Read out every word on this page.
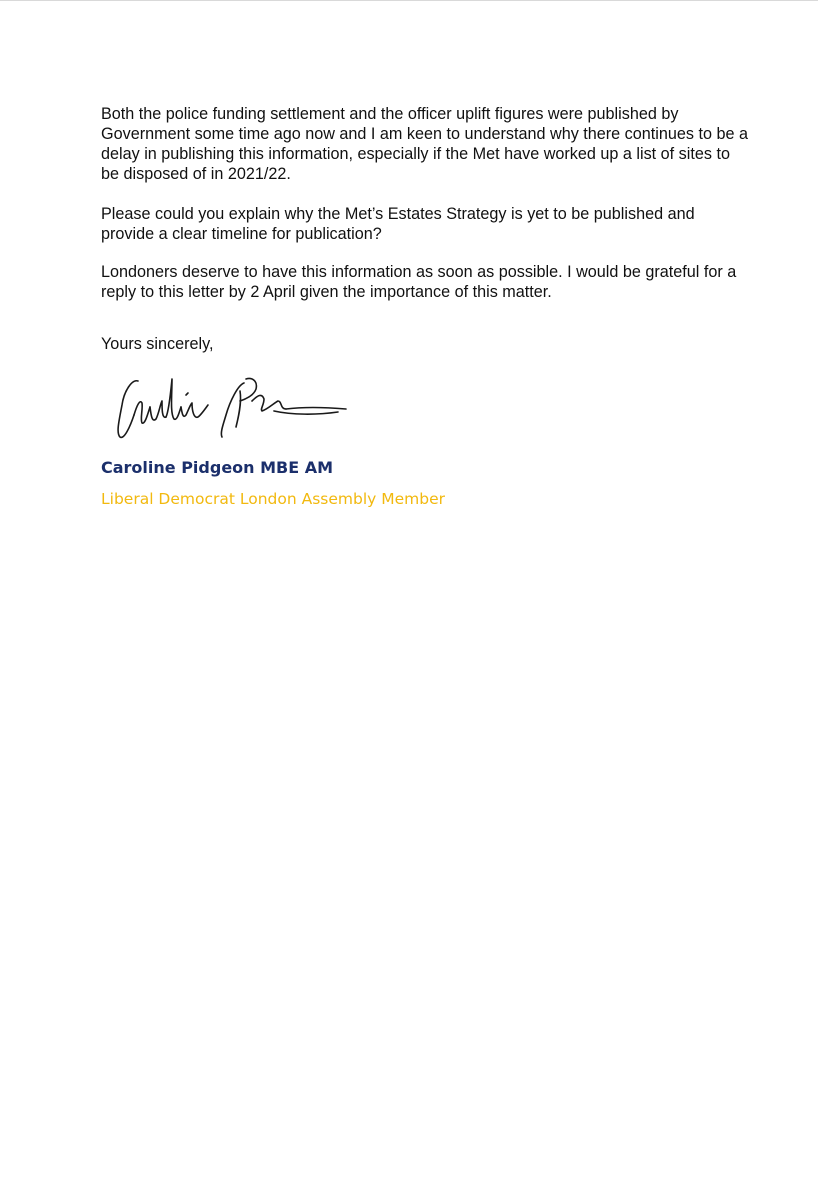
Both the police funding settlement and the officer uplift figures were published by Government some time ago now and I am keen to understand why there continues to be a delay in publishing this information, especially if the Met have worked up a list of sites to be disposed of in 2021/22.

Please could you explain why the Met’s Estates Strategy is yet to be published and provide a clear timeline for publication?

Londoners deserve to have this information as soon as possible. I would be grateful for a reply to this letter by 2 April given the importance of this matter.

Yours sincerely,

Caroline Pidgeon MBE AM

Liberal Democrat London Assembly Member
